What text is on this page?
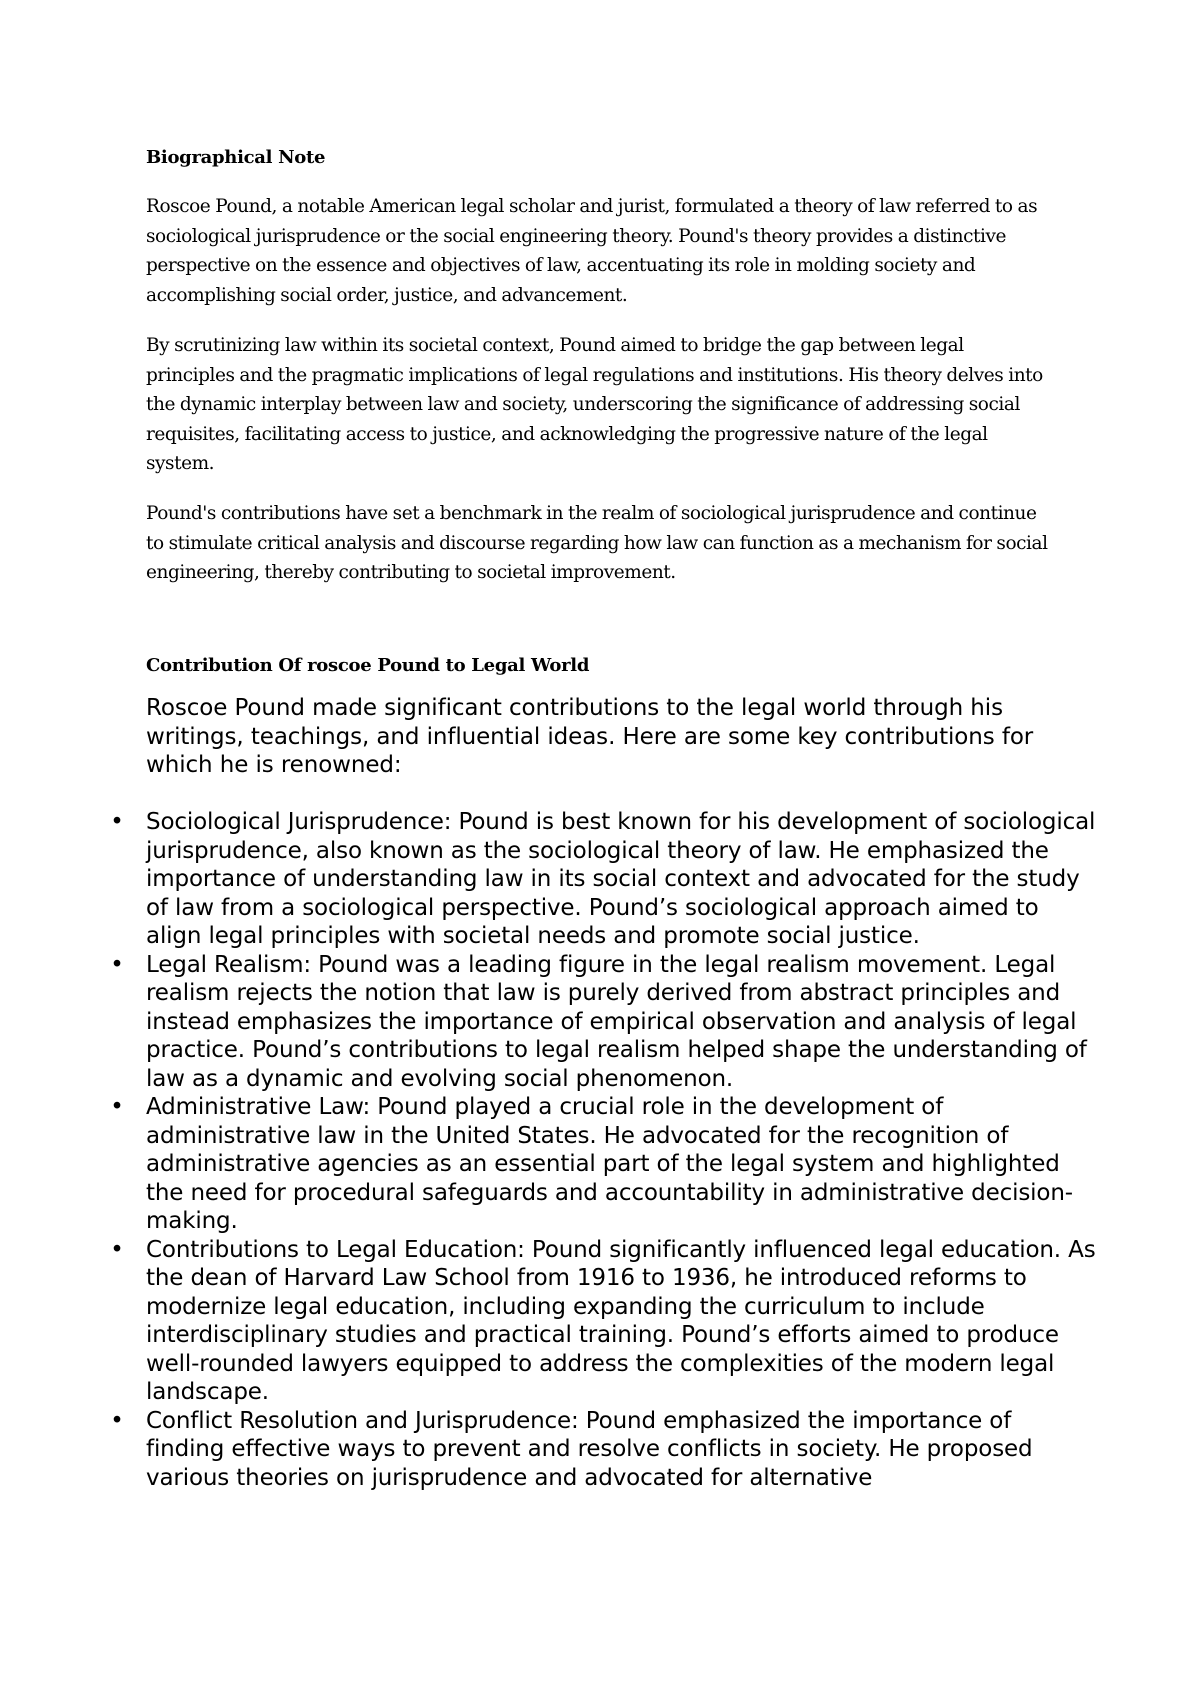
Biographical Note

Roscoe Pound, a notable American legal scholar and jurist, formulated a theory of law referred to as sociological jurisprudence or the social engineering theory. Pound's theory provides a distinctive perspective on the essence and objectives of law, accentuating its role in molding society and accomplishing social order, justice, and advancement.

By scrutinizing law within its societal context, Pound aimed to bridge the gap between legal principles and the pragmatic implications of legal regulations and institutions. His theory delves into the dynamic interplay between law and society, underscoring the significance of addressing social requisites, facilitating access to justice, and acknowledging the progressive nature of the legal system.

Pound's contributions have set a benchmark in the realm of sociological jurisprudence and continue to stimulate critical analysis and discourse regarding how law can function as a mechanism for social engineering, thereby contributing to societal improvement.

Contribution Of roscoe Pound to Legal World

Roscoe Pound made significant contributions to the legal world through his writings, teachings, and influential ideas. Here are some key contributions for which he is renowned:

• Sociological Jurisprudence: Pound is best known for his development of sociological jurisprudence, also known as the sociological theory of law. He emphasized the importance of understanding law in its social context and advocated for the study of law from a sociological perspective. Pound’s sociological approach aimed to align legal principles with societal needs and promote social justice.
• Legal Realism: Pound was a leading figure in the legal realism movement. Legal realism rejects the notion that law is purely derived from abstract principles and instead emphasizes the importance of empirical observation and analysis of legal practice. Pound’s contributions to legal realism helped shape the understanding of law as a dynamic and evolving social phenomenon.
• Administrative Law: Pound played a crucial role in the development of administrative law in the United States. He advocated for the recognition of administrative agencies as an essential part of the legal system and highlighted the need for procedural safeguards and accountability in administrative decision-making.
• Contributions to Legal Education: Pound significantly influenced legal education. As the dean of Harvard Law School from 1916 to 1936, he introduced reforms to modernize legal education, including expanding the curriculum to include interdisciplinary studies and practical training. Pound’s efforts aimed to produce well-rounded lawyers equipped to address the complexities of the modern legal landscape.
• Conflict Resolution and Jurisprudence: Pound emphasized the importance of finding effective ways to prevent and resolve conflicts in society. He proposed various theories on jurisprudence and advocated for alternative
